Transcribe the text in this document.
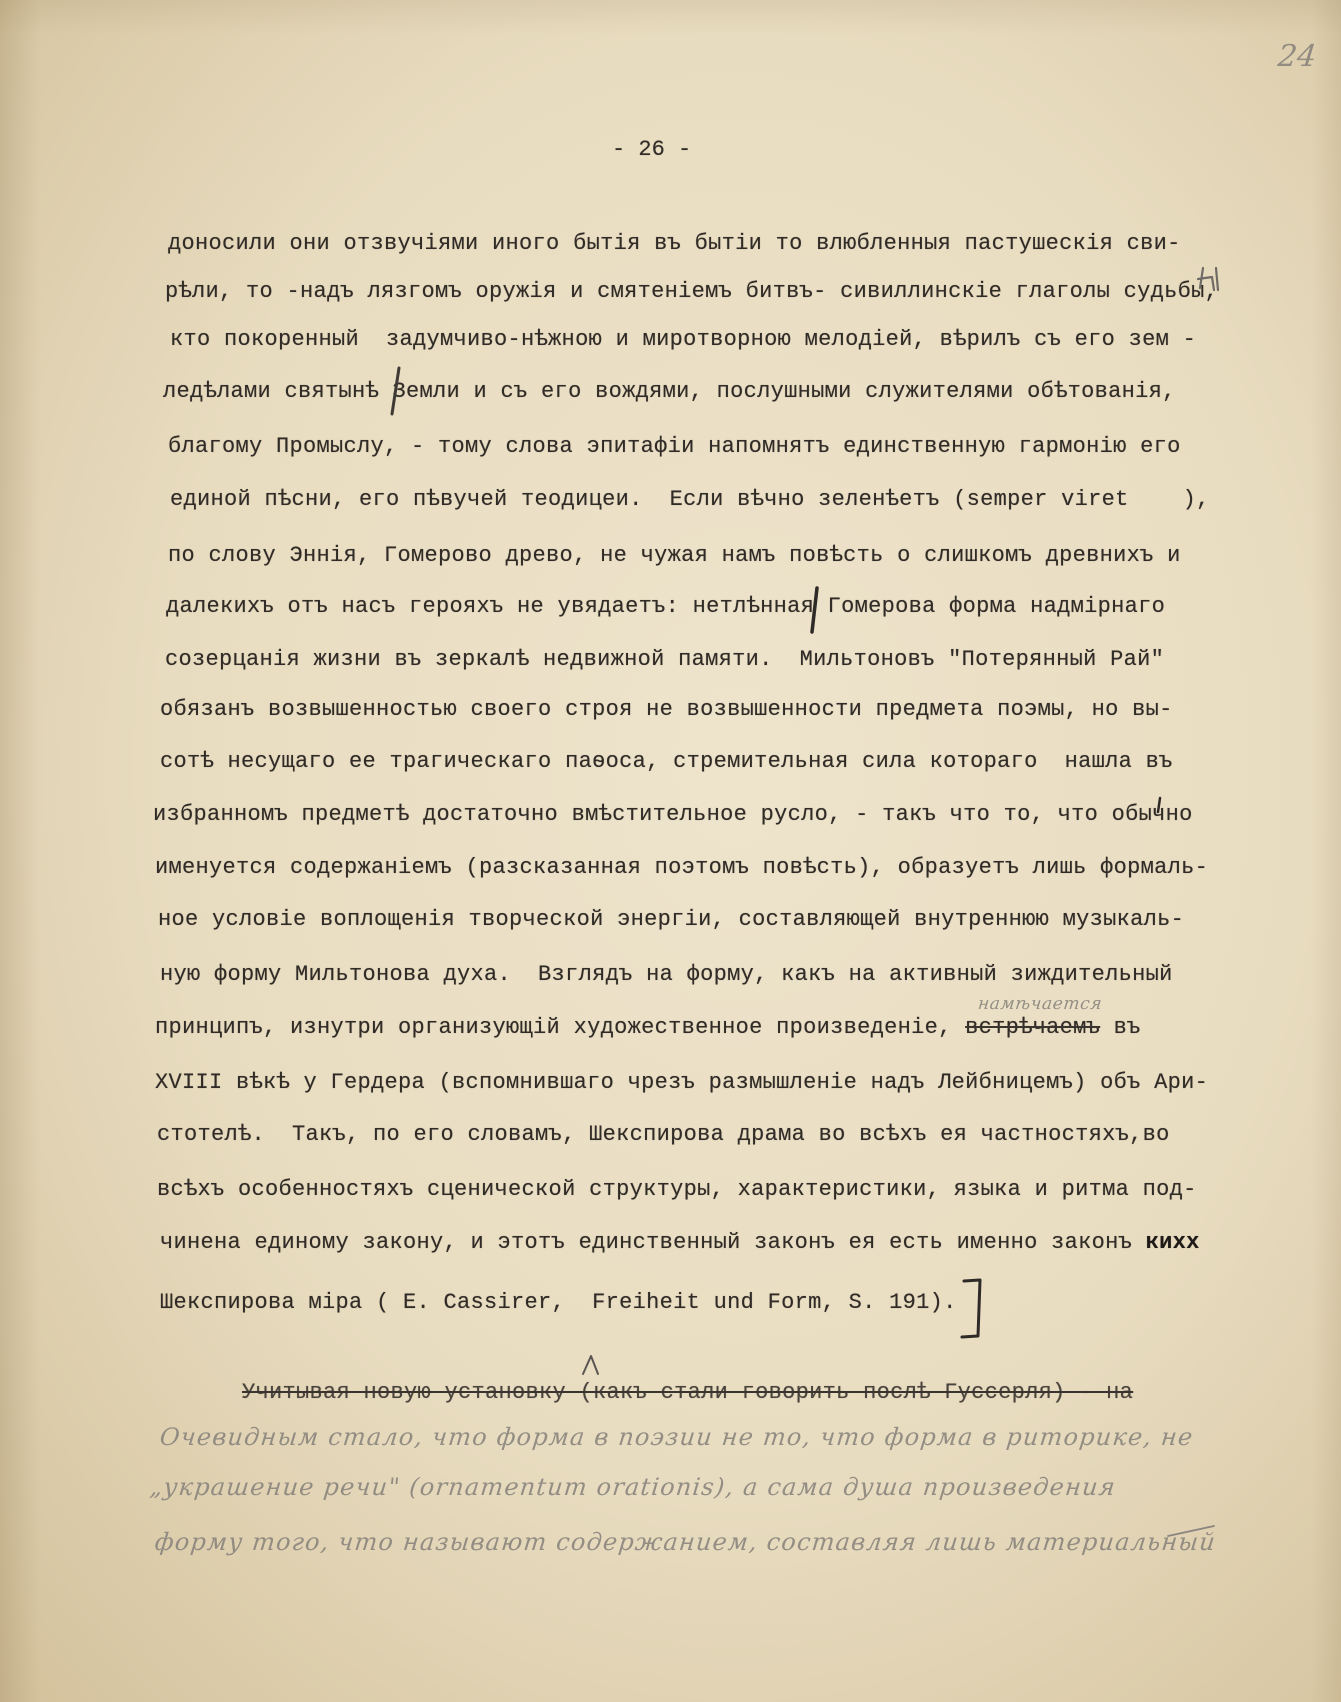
24
- 26 -
доносили они отзвучіями иного бытія въ бытіи то влюбленныя пастушескія сви-
рѣли, то -надъ лязгомъ оружія и смятеніемъ битвъ- сивиллинскіе глаголы судьбы,
кто покоренный  задумчиво-нѣжною и миротворною мелодіей, вѣрилъ съ его зем -
ледѣлами святынѣ Земли и съ его вождями, послушными служителями обѣтованія,
благому Промыслу, - тому слова эпитафіи напомнятъ единственную гармонію его
единой пѣсни, его пѣвучей теодицеи.  Если вѣчно зеленѣетъ (semper viret    ),
по слову Эннія, Гомерово древо, не чужая намъ повѣсть о слишкомъ древнихъ и
далекихъ отъ насъ герояхъ не увядаетъ: нетлѣнная Гомерова форма надмірнаго
созерцанія жизни въ зеркалѣ недвижной памяти.  Мильтоновъ "Потерянный Рай"
обязанъ возвышенностью своего строя не возвышенности предмета поэмы, но вы-
сотѣ несущаго ее трагическаго паѳоса, стремительная сила котораго  нашла въ
избранномъ предметѣ достаточно вмѣстительное русло, - такъ что то, что обычно
именуется содержаніемъ (разсказанная поэтомъ повѣсть), образуетъ лишь формаль-
ное условіе воплощенія творческой энергіи, составляющей внутреннюю музыкаль-
ную форму Мильтонова духа.  Взглядъ на форму, какъ на активный зиждительный
принципъ, изнутри организующій художественное произведеніе, встрѣчаемъ въ
XVIII вѣкѣ у Гердера (вспомнившаго чрезъ размышленіе надъ Лейбницемъ) объ Ари-
стотелѣ.  Такъ, по его словамъ, Шекспирова драма во всѣхъ ея частностяхъ,во
всѣхъ особенностяхъ сценической структуры, характеристики, языка и ритма под-
чинена единому закону, и этотъ единственный законъ ея есть именно законъ кихх
Шекспирова міра ( E. Cassirer,  Freiheit und Form, S. 191).
Учитывая новую установку (какъ стали говорить послѣ Гуссерля) - на
намѣчается
Очевидным стало, что форма в поэзии не то, что форма в риторике, не
„украшение речи" (ornamentum orationis), а сама душа произведения
форму того, что называют содержанием, составляя лишь материальный
